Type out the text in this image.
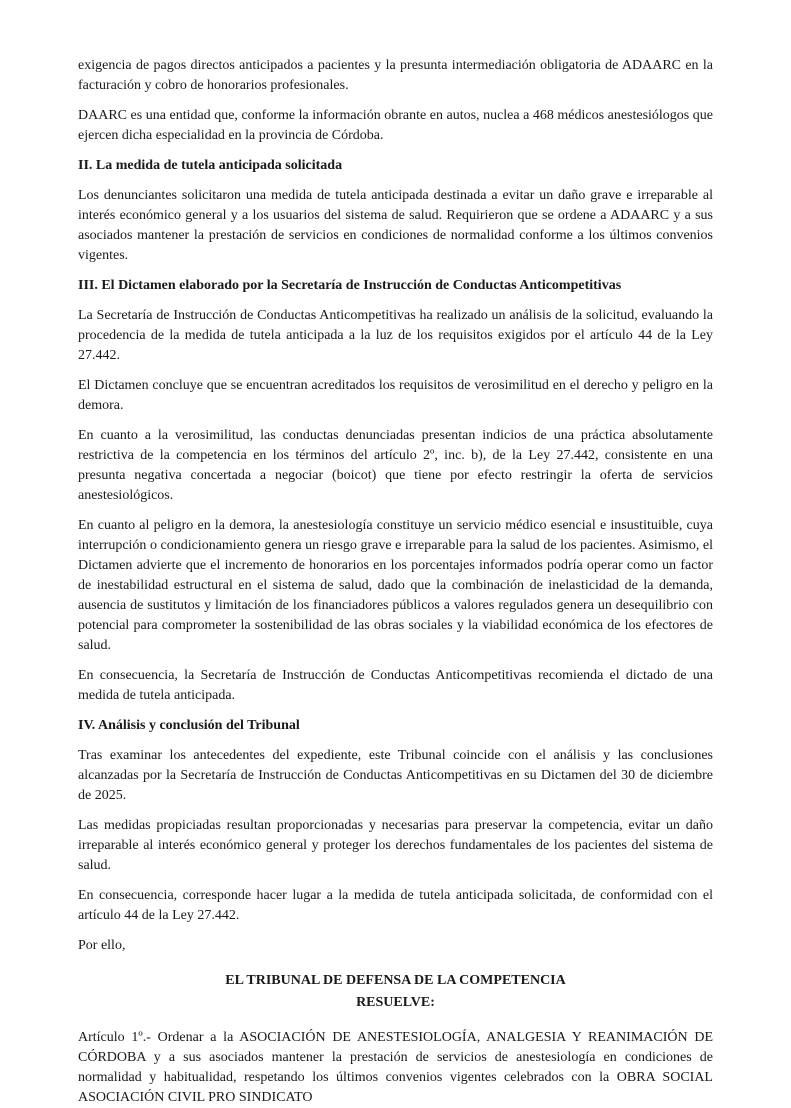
exigencia de pagos directos anticipados a pacientes y la presunta intermediación obligatoria de ADAARC en la facturación y cobro de honorarios profesionales.

DAARC es una entidad que, conforme la información obrante en autos, nuclea a 468 médicos anestesiólogos que ejercen dicha especialidad en la provincia de Córdoba.

II. La medida de tutela anticipada solicitada

Los denunciantes solicitaron una medida de tutela anticipada destinada a evitar un daño grave e irreparable al interés económico general y a los usuarios del sistema de salud. Requirieron que se ordene a ADAARC y a sus asociados mantener la prestación de servicios en condiciones de normalidad conforme a los últimos convenios vigentes.

III. El Dictamen elaborado por la Secretaría de Instrucción de Conductas Anticompetitivas

La Secretaría de Instrucción de Conductas Anticompetitivas ha realizado un análisis de la solicitud, evaluando la procedencia de la medida de tutela anticipada a la luz de los requisitos exigidos por el artículo 44 de la Ley 27.442.

El Dictamen concluye que se encuentran acreditados los requisitos de verosimilitud en el derecho y peligro en la demora.

En cuanto a la verosimilitud, las conductas denunciadas presentan indicios de una práctica absolutamente restrictiva de la competencia en los términos del artículo 2º, inc. b), de la Ley 27.442, consistente en una presunta negativa concertada a negociar (boicot) que tiene por efecto restringir la oferta de servicios anestesiológicos.

En cuanto al peligro en la demora, la anestesiología constituye un servicio médico esencial e insustituible, cuya interrupción o condicionamiento genera un riesgo grave e irreparable para la salud de los pacientes. Asimismo, el Dictamen advierte que el incremento de honorarios en los porcentajes informados podría operar como un factor de inestabilidad estructural en el sistema de salud, dado que la combinación de inelasticidad de la demanda, ausencia de sustitutos y limitación de los financiadores públicos a valores regulados genera un desequilibrio con potencial para comprometer la sostenibilidad de las obras sociales y la viabilidad económica de los efectores de salud.

En consecuencia, la Secretaría de Instrucción de Conductas Anticompetitivas recomienda el dictado de una medida de tutela anticipada.

IV. Análisis y conclusión del Tribunal

Tras examinar los antecedentes del expediente, este Tribunal coincide con el análisis y las conclusiones alcanzadas por la Secretaría de Instrucción de Conductas Anticompetitivas en su Dictamen del 30 de diciembre de 2025.

Las medidas propiciadas resultan proporcionadas y necesarias para preservar la competencia, evitar un daño irreparable al interés económico general y proteger los derechos fundamentales de los pacientes del sistema de salud.

En consecuencia, corresponde hacer lugar a la medida de tutela anticipada solicitada, de conformidad con el artículo 44 de la Ley 27.442.

Por ello,

EL TRIBUNAL DE DEFENSA DE LA COMPETENCIA

RESUELVE:

Artículo 1º.- Ordenar a la ASOCIACIÓN DE ANESTESIOLOGÍA, ANALGESIA Y REANIMACIÓN DE CÓRDOBA y a sus asociados mantener la prestación de servicios de anestesiología en condiciones de normalidad y habitualidad, respetando los últimos convenios vigentes celebrados con la OBRA SOCIAL ASOCIACIÓN CIVIL PRO SINDICATO
